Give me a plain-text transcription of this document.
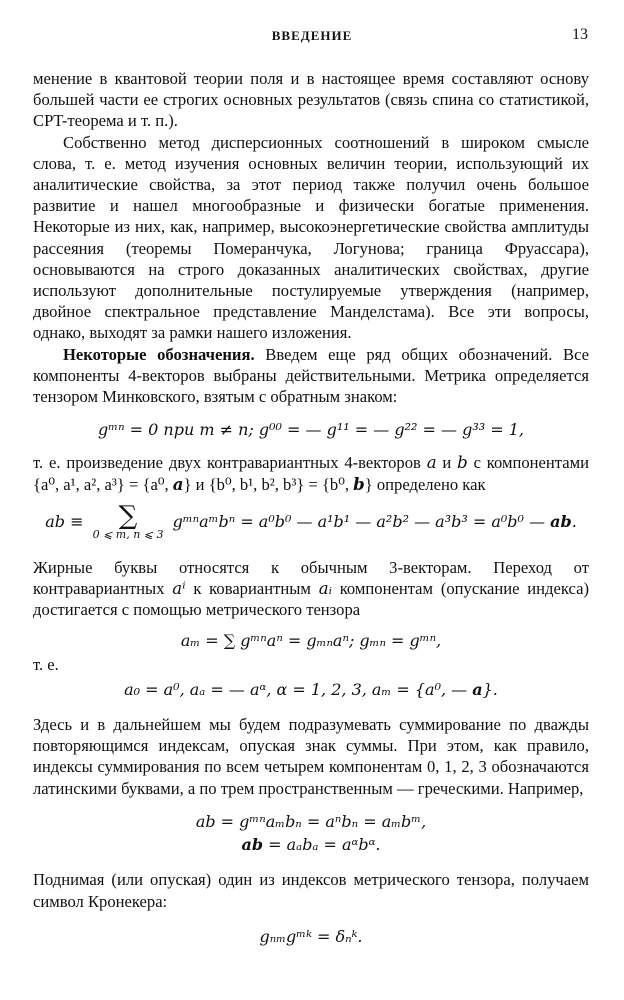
ВВЕДЕНИЕ	13

менение в квантовой теории поля и в настоящее время составляют основу большей части ее строгих основных результатов (связь спина со статистикой, CPT-теорема и т. п.).

Собственно метод дисперсионных соотношений в широком смысле слова, т. е. метод изучения основных величин теории, использующий их аналитические свойства, за этот период также получил очень большое развитие и нашел многообразные и физически богатые применения. Некоторые из них, как, например, высокоэнергетические свойства амплитуды рассеяния (теоремы Померанчука, Логунова; граница Фруассара), основываются на строго доказанных аналитических свойствах, другие используют дополнительные постулируемые утверждения (например, двойное спектральное представление Манделстама). Все эти вопросы, однако, выходят за рамки нашего изложения.

Некоторые обозначения. Введем еще ряд общих обозначений. Все компоненты 4-векторов выбраны действительными. Метрика определяется тензором Минковского, взятым с обратным знаком:

gᵐⁿ = 0 при m ≠ n; g⁰⁰ = — g¹¹ = — g²² = — g³³ = 1,

т. е. произведение двух контравариантных 4-векторов a и b с компонентами {a⁰, a¹, a², a³} = {a⁰, a} и {b⁰, b¹, b², b³} = {b⁰, b} определено как

ab ≡	∑
0 ⩽ m, n ⩽ 3
gᵐⁿaᵐbⁿ = a⁰b⁰ — a¹b¹ — a²b² — a³b³ = a⁰b⁰ — ab.

Жирные буквы относятся к обычным 3-векторам. Переход от контравариантных aⁱ к ковариантным aᵢ компонентам (опускание индекса) достигается с помощью метрического тензора

aₘ = ∑ gᵐⁿaⁿ = gₘₙaⁿ; gₘₙ = gᵐⁿ,

т. е.

a₀ = a⁰, aₐ = — aᵅ, α = 1, 2, 3, aₘ = {a⁰, — a}.

Здесь и в дальнейшем мы будем подразумевать суммирование по дважды повторяющимся индексам, опуская знак суммы. При этом, как правило, индексы суммирования по всем четырем компонентам 0, 1, 2, 3 обозначаются латинскими буквами, а по трем пространственным — греческими. Например,

ab = gᵐⁿaₘbₙ = aⁿbₙ = aₘbᵐ,
ab = aₐbₐ = aᵅbᵅ.

Поднимая (или опуская) один из индексов метрического тензора, получаем символ Кронекера:

gₙₘgᵐᵏ = δₙᵏ.
